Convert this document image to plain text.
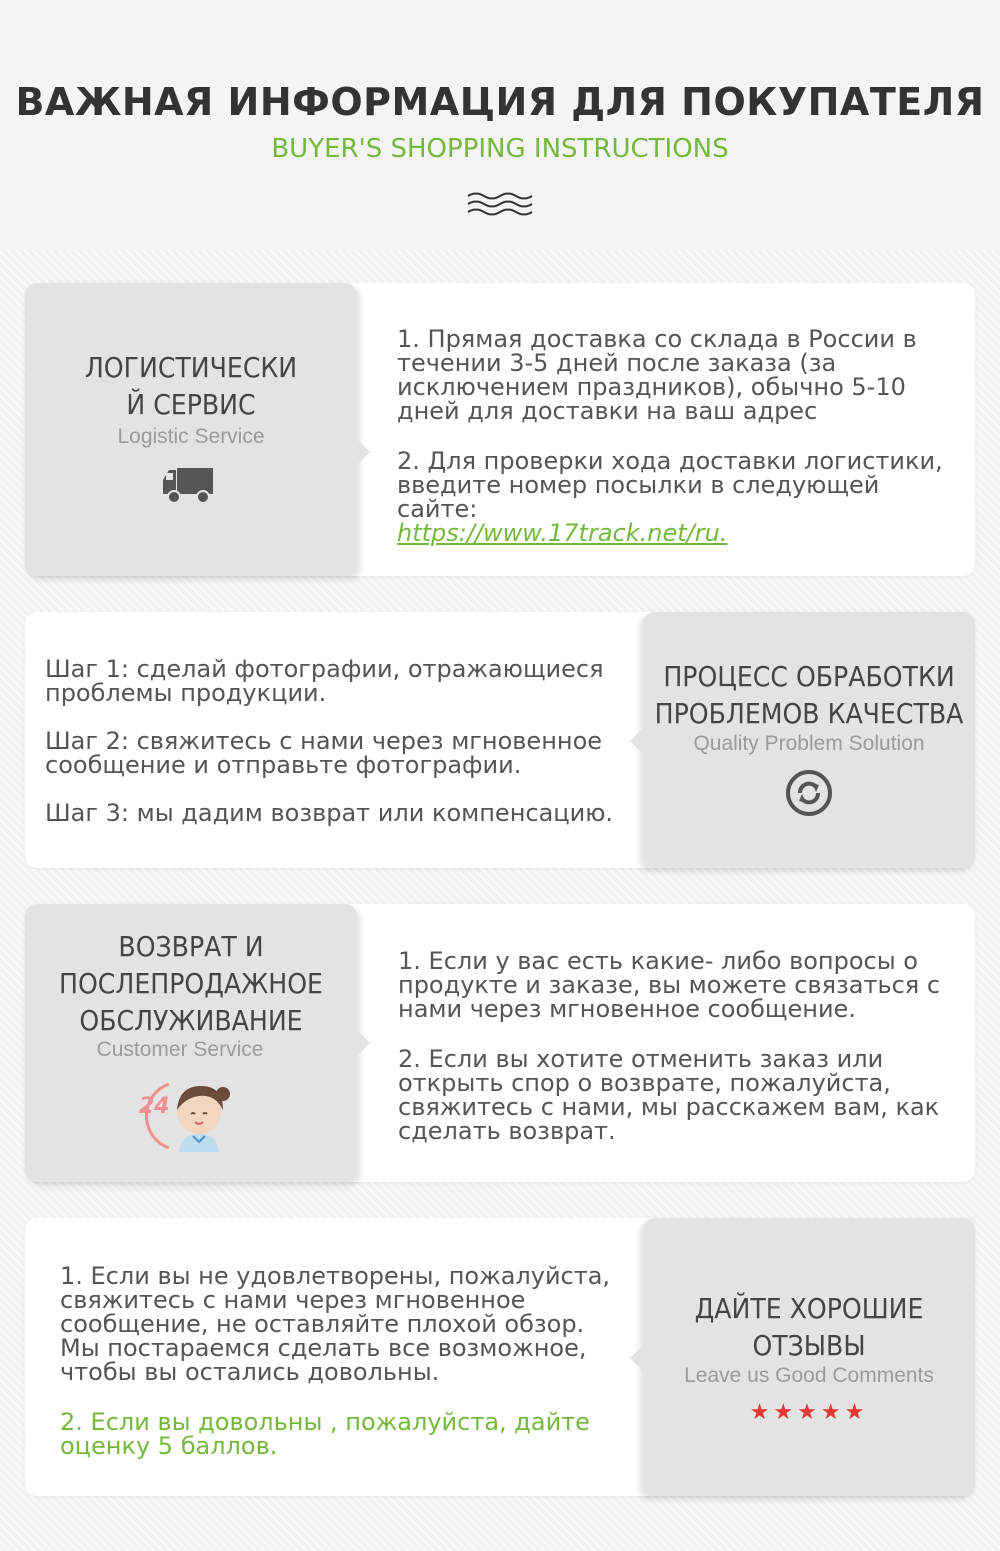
ВАЖНАЯ ИНФОРМАЦИЯ ДЛЯ ПОКУПАТЕЛЯ
BUYER'S SHOPPING INSTRUCTIONS
ЛОГИСТИЧЕСКИ
Й СЕРВИС
Logistic Service

1. Прямая доставка со склада в России в течении 3-5 дней после заказа (за исключением праздников), обычно 5-10 дней для доставки на ваш адрес

2. Для проверки хода доставки логистики, введите номер посылки в следующей сайте:
https://www.17track.net/ru.

Шаг 1: сделай фотографии, отражающиеся проблемы продукции.

Шаг 2: свяжитесь с нами через мгновенное сообщение и отправьте фотографии.

Шаг 3: мы дадим возврат или компенсацию.

ПРОЦЕСС ОБРАБОТКИ
ПРОБЛЕМОВ КАЧЕСТВА
Quality Problem Solution
ВОЗВРАТ И
ПОСЛЕПРОДАЖНОЕ
ОБСЛУЖИВАНИЕ
Customer Service
24

1. Если у вас есть какие- либо вопросы о продукте и заказе, вы можете связаться с нами через мгновенное сообщение.

2. Если вы хотите отменить заказ или открыть спор о возврате, пожалуйста, свяжитесь с нами, мы расскажем вам, как сделать возврат.

1. Если вы не удовлетворены, пожалуйста, свяжитесь с нами через мгновенное сообщение, не оставляйте плохой обзор. Мы постараемся сделать все возможное, чтобы вы остались довольны.

2. Если вы довольны , пожалуйста, дайте оценку 5 баллов.

ДАЙТЕ ХОРОШИЕ
ОТЗЫВЫ
Leave us Good Comments
★★★★★
